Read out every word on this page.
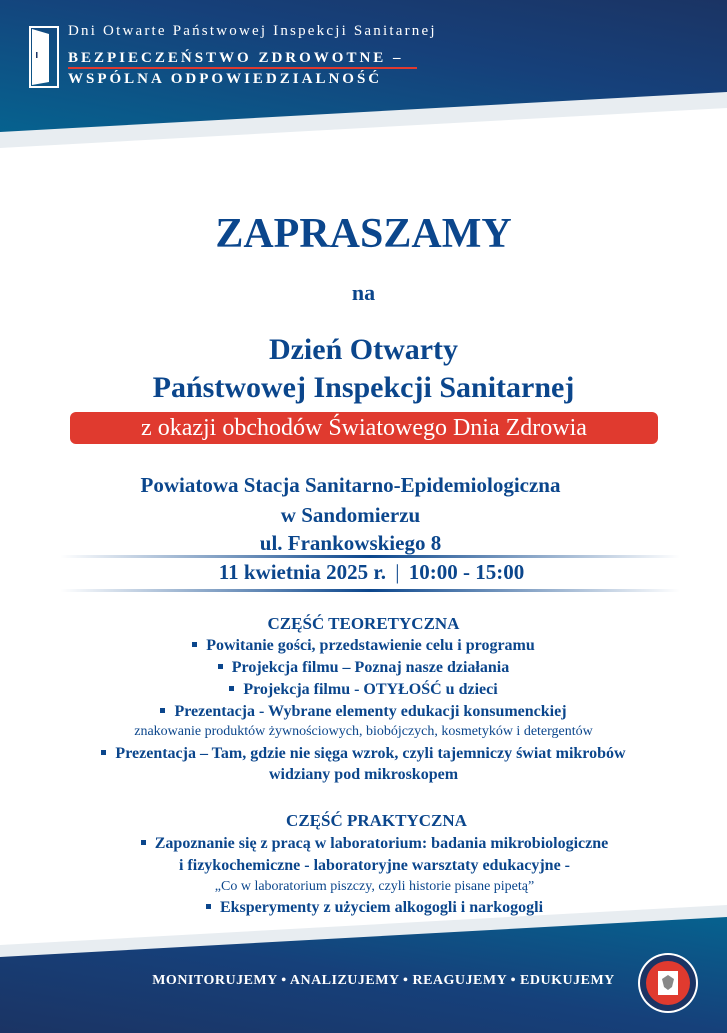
Dni Otwarte Państwowej Inspekcji Sanitarnej
BEZPIECZEŃSTWO ZDROWOTNE –
WSPÓLNA ODPOWIEDZIALNOŚĆ
ZAPRASZAMY
na
Dzień Otwarty
Państwowej Inspekcji Sanitarnej
z okazji obchodów Światowego Dnia Zdrowia
Powiatowa Stacja Sanitarno-Epidemiologiczna
w Sandomierzu
ul. Frankowskiego 8
11 kwietnia 2025 r. | 10:00 - 15:00
CZĘŚĆ TEORETYCZNA
Powitanie gości, przedstawienie celu i programu
Projekcja filmu – Poznaj nasze działania
Projekcja filmu - OTYŁOŚĆ u dzieci
Prezentacja - Wybrane elementy edukacji konsumenckiej
znakowanie produktów żywnościowych, biobójczych, kosmetyków i detergentów
Prezentacja – Tam, gdzie nie sięga wzrok, czyli tajemniczy świat mikrobów
widziany pod mikroskopem
CZĘŚĆ PRAKTYCZNA
Zapoznanie się z pracą w laboratorium: badania mikrobiologiczne
i fizykochemiczne - laboratoryjne warsztaty edukacyjne -
„Co w laboratorium piszczy, czyli historie pisane pipetą”
Eksperymenty z użyciem alkogogli i narkogogli
MONITORUJEMY • ANALIZUJEMY • REAGUJEMY • EDUKUJEMY
